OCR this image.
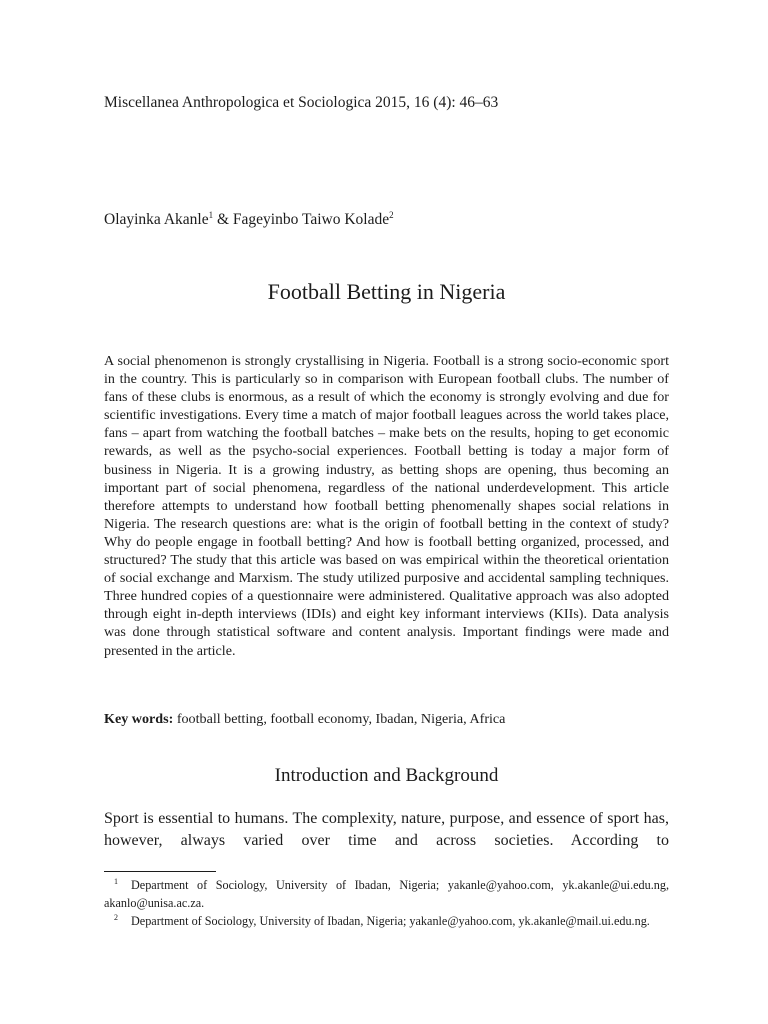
Miscellanea Anthropologica et Sociologica 2015, 16 (4): 46–63
Olayinka Akanle$^1$ & Fageyinbo Taiwo Kolade$^2$
Football Betting in Nigeria

A social phenomenon is strongly crystallising in Nigeria. Football is a strong socio-economic sport in the country. This is particularly so in comparison with European football clubs. The number of fans of these clubs is enormous, as a result of which the economy is strongly evolving and due for scientific investigations. Every time a match of major football leagues across the world takes place, fans – apart from watching the football batches – make bets on the results, hoping to get economic rewards, as well as the psycho-social experiences. Football betting is today a major form of business in Nigeria. It is a growing industry, as betting shops are opening, thus becoming an important part of social phenomena, regardless of the national underdevelopment. This article therefore attempts to understand how football betting phenomenally shapes social relations in Nigeria. The research questions are: what is the origin of football betting in the context of study? Why do people engage in football betting? And how is football betting organized, processed, and structured? The study that this article was based on was empirical within the theoretical orientation of social exchange and Marxism. The study utilized purposive and accidental sampling techniques. Three hundred copies of a questionnaire were administered. Qualitative approach was also adopted through eight in-depth interviews (IDIs) and eight key informant interviews (KIIs). Data analysis was done through statistical software and content analysis. Important findings were made and presented in the article.

Key words: football betting, football economy, Ibadan, Nigeria, Africa

Introduction and Background

Sport is essential to humans. The complexity, nature, purpose, and essence of sport has, however, always varied over time and across societies. According to

1 Department of Sociology, University of Ibadan, Nigeria; yakanle@yahoo.com, yk.akanle@ui.edu.ng, akanlo@unisa.ac.za.

2 Department of Sociology, University of Ibadan, Nigeria; yakanle@yahoo.com, yk.akanle@mail.ui.edu.ng.
